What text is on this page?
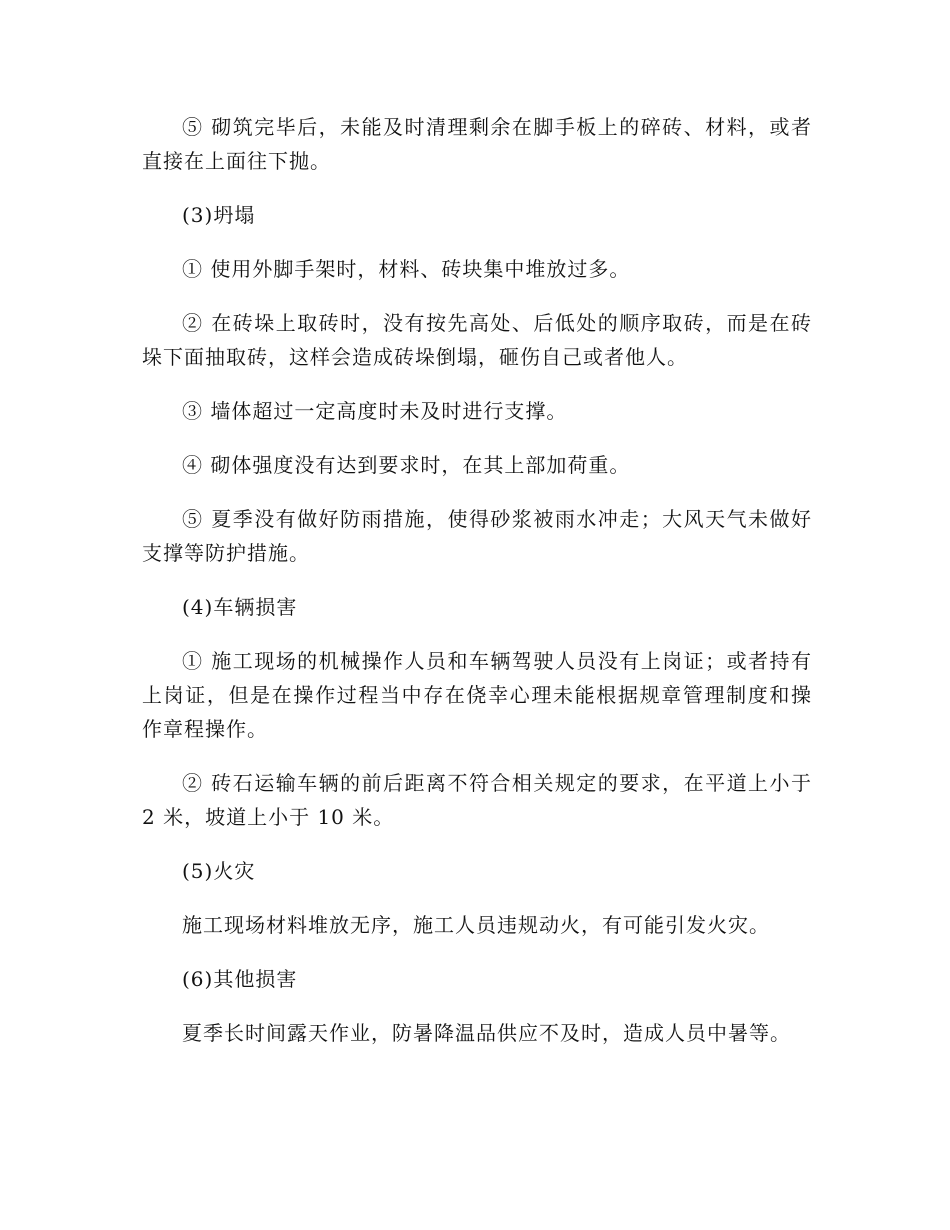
⑤ 砌筑完毕后，未能及时清理剩余在脚手板上的碎砖、材料，或者直接在上面往下抛。

(3)坍塌

① 使用外脚手架时，材料、砖块集中堆放过多。

② 在砖垛上取砖时，没有按先高处、后低处的顺序取砖，而是在砖垛下面抽取砖，这样会造成砖垛倒塌，砸伤自己或者他人。

③ 墙体超过一定高度时未及时进行支撑。

④ 砌体强度没有达到要求时，在其上部加荷重。

⑤ 夏季没有做好防雨措施，使得砂浆被雨水冲走；大风天气未做好支撑等防护措施。

(4)车辆损害

① 施工现场的机械操作人员和车辆驾驶人员没有上岗证；或者持有上岗证，但是在操作过程当中存在侥幸心理未能根据规章管理制度和操作章程操作。

② 砖石运输车辆的前后距离不符合相关规定的要求，在平道上小于 2 米，坡道上小于 10 米。

(5)火灾

施工现场材料堆放无序，施工人员违规动火，有可能引发火灾。

(6)其他损害

夏季长时间露天作业，防暑降温品供应不及时，造成人员中暑等。
